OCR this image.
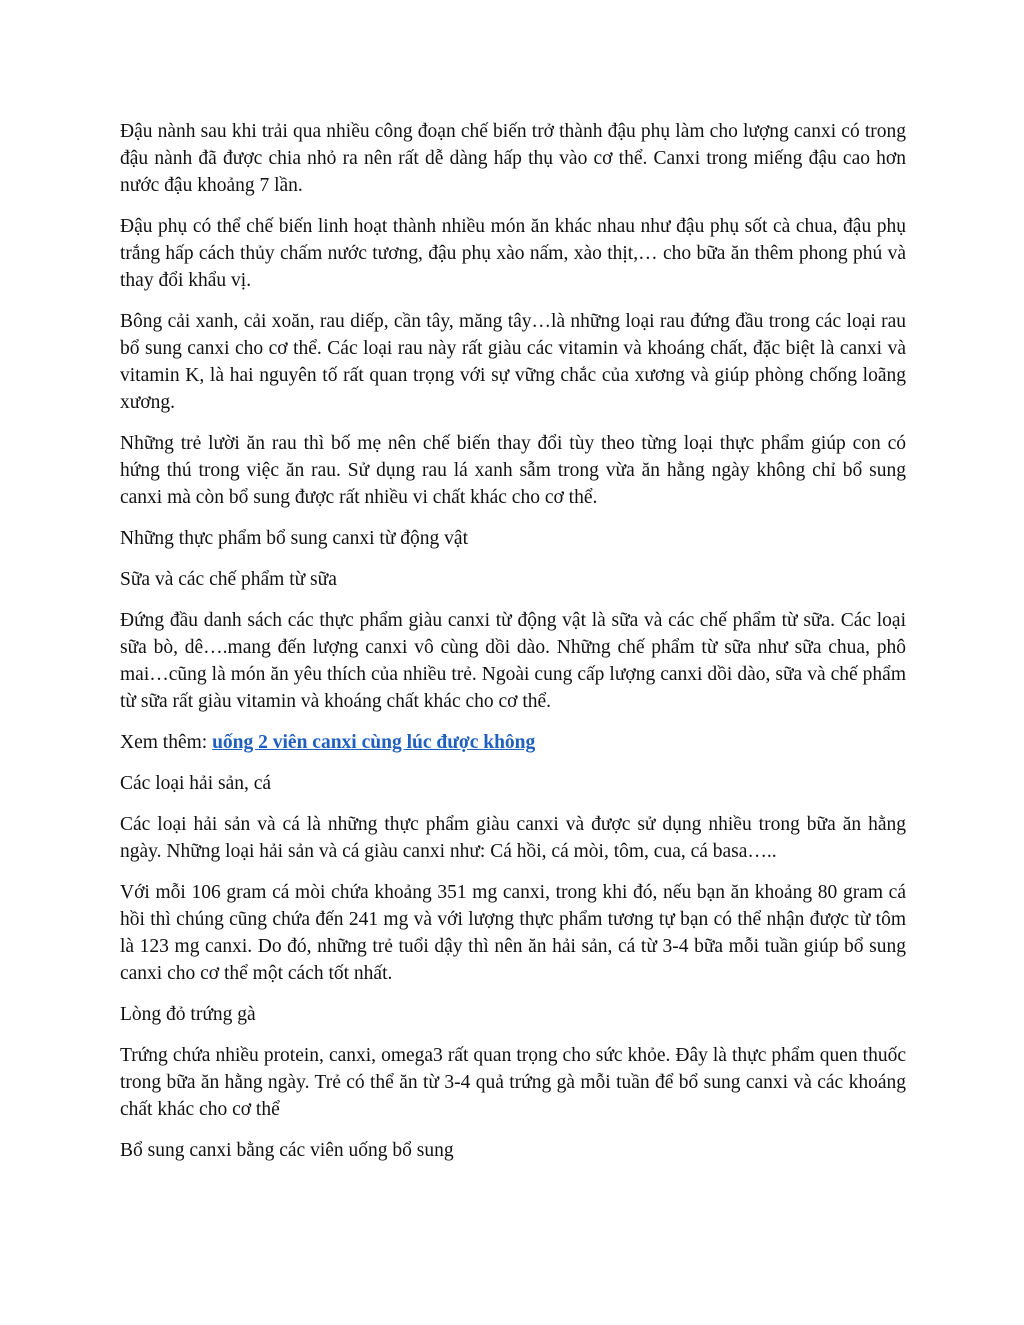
Đậu nành sau khi trải qua nhiều công đoạn chế biến trở thành đậu phụ làm cho lượng canxi có trong đậu nành đã được chia nhỏ ra nên rất dễ dàng hấp thụ vào cơ thể. Canxi trong miếng đậu cao hơn nước đậu khoảng 7 lần.

Đậu phụ có thể chế biến linh hoạt thành nhiều món ăn khác nhau như đậu phụ sốt cà chua, đậu phụ trắng hấp cách thủy chấm nước tương, đậu phụ xào nấm, xào thịt,… cho bữa ăn thêm phong phú và thay đổi khẩu vị.

Bông cải xanh, cải xoăn, rau diếp, cần tây, măng tây…là những loại rau đứng đầu trong các loại rau bổ sung canxi cho cơ thể. Các loại rau này rất giàu các vitamin và khoáng chất, đặc biệt là canxi và vitamin K, là hai nguyên tố rất quan trọng với sự vững chắc của xương và giúp phòng chống loãng xương.

Những trẻ lười ăn rau thì bố mẹ nên chế biến thay đổi tùy theo từng loại thực phẩm giúp con có hứng thú trong việc ăn rau. Sử dụng rau lá xanh sẫm trong vừa ăn hằng ngày không chỉ bổ sung canxi mà còn bổ sung được rất nhiều vi chất khác cho cơ thể.

Những thực phẩm bổ sung canxi từ động vật

Sữa và các chế phẩm từ sữa

Đứng đầu danh sách các thực phẩm giàu canxi từ động vật là sữa và các chế phẩm từ sữa. Các loại sữa bò, dê….mang đến lượng canxi vô cùng dồi dào. Những chế phẩm từ sữa như sữa chua, phô mai…cũng là món ăn yêu thích của nhiều trẻ. Ngoài cung cấp lượng canxi dồi dào, sữa và chế phẩm từ sữa rất giàu vitamin và khoáng chất khác cho cơ thể.

Xem thêm: uống 2 viên canxi cùng lúc được không

Các loại hải sản, cá

Các loại hải sản và cá là những thực phẩm giàu canxi và được sử dụng nhiều trong bữa ăn hằng ngày. Những loại hải sản và cá giàu canxi như: Cá hồi, cá mòi, tôm, cua, cá basa…..

Với mỗi 106 gram cá mòi chứa khoảng 351 mg canxi, trong khi đó, nếu bạn ăn khoảng 80 gram cá hồi thì chúng cũng chứa đến 241 mg và với lượng thực phẩm tương tự bạn có thể nhận được từ tôm là 123 mg canxi. Do đó, những trẻ tuổi dậy thì nên ăn hải sản, cá từ 3-4 bữa mỗi tuần giúp bổ sung canxi cho cơ thể một cách tốt nhất.

Lòng đỏ trứng gà

Trứng chứa nhiều protein, canxi, omega3 rất quan trọng cho sức khỏe. Đây là thực phẩm quen thuốc trong bữa ăn hằng ngày. Trẻ có thể ăn từ 3-4 quả trứng gà mỗi tuần để bổ sung canxi và các khoáng chất khác cho cơ thể

Bổ sung canxi bằng các viên uống bổ sung
